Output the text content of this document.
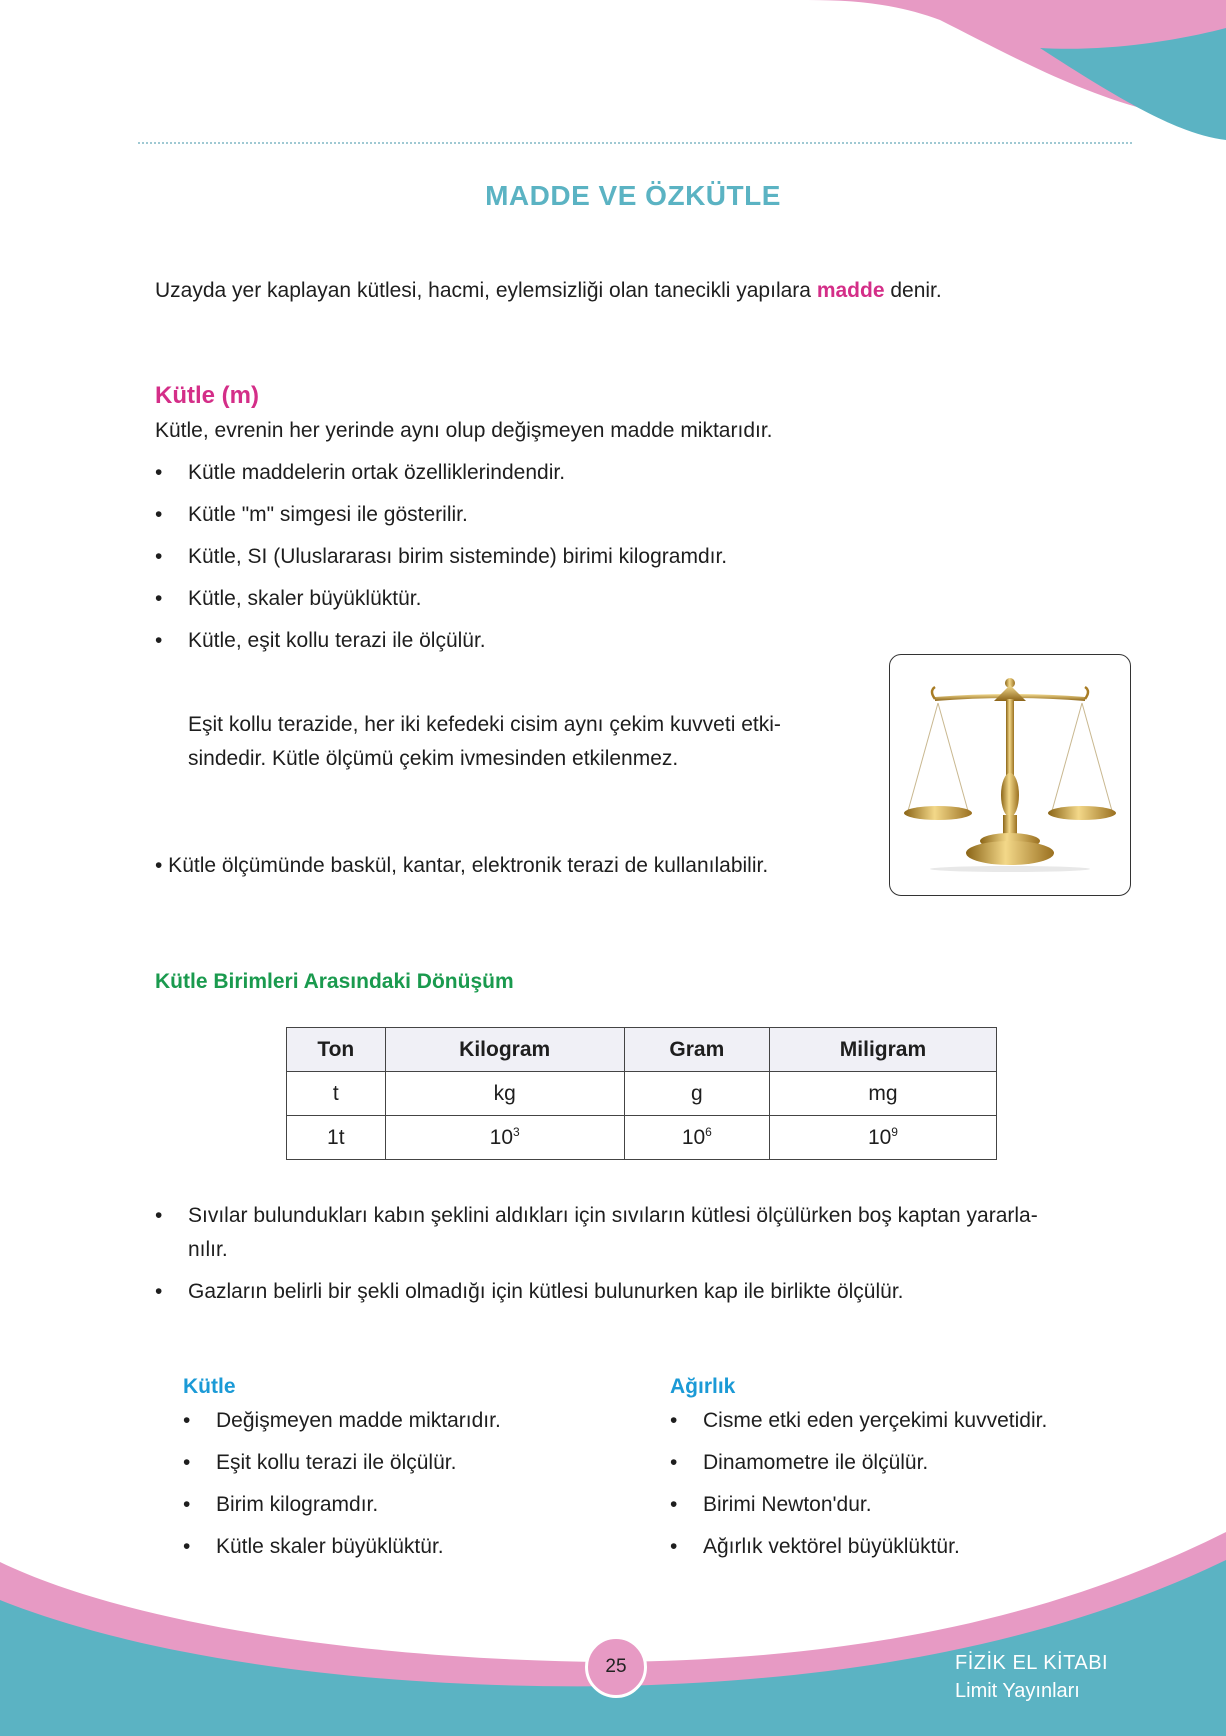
MADDE VE ÖZKÜTLE
Uzayda yer kaplayan kütlesi, hacmi, eylemsizliği olan tanecikli yapılara madde denir.
Kütle (m)
Kütle, evrenin her yerinde aynı olup değişmeyen madde miktarıdır.
•	Kütle maddelerin ortak özelliklerindendir.
•	Kütle "m" simgesi ile gösterilir.
•	Kütle, SI (Uluslararası birim sisteminde) birimi kilogramdır.
•	Kütle, skaler büyüklüktür.
•	Kütle, eşit kollu terazi ile ölçülür.
Eşit kollu terazide, her iki kefedeki cisim aynı çekim kuvveti etki-
sindedir. Kütle ölçümü çekim ivmesinden etkilenmez.
• Kütle ölçümünde baskül, kantar, elektronik terazi de kullanılabilir.
Kütle Birimleri Arasındaki Dönüşüm
Ton	Kilogram	Gram	Miligram
t	kg	g	mg
1t	$10^3$	$10^6$	$10^9$
•	Sıvılar bulundukları kabın şeklini aldıkları için sıvıların kütlesi ölçülürken boş kaptan yararla-
nılır.
•	Gazların belirli bir şekli olmadığı için kütlesi bulunurken kap ile birlikte ölçülür.
Kütle
•	Değişmeyen madde miktarıdır.
•	Eşit kollu terazi ile ölçülür.
•	Birim kilogramdır.
•	Kütle skaler büyüklüktür.
Ağırlık
•	Cisme etki eden yerçekimi kuvvetidir.
•	Dinamometre ile ölçülür.
•	Birimi Newton'dur.
•	Ağırlık vektörel büyüklüktür.
25	FİZİK EL KİTABI
Limit Yayınları
